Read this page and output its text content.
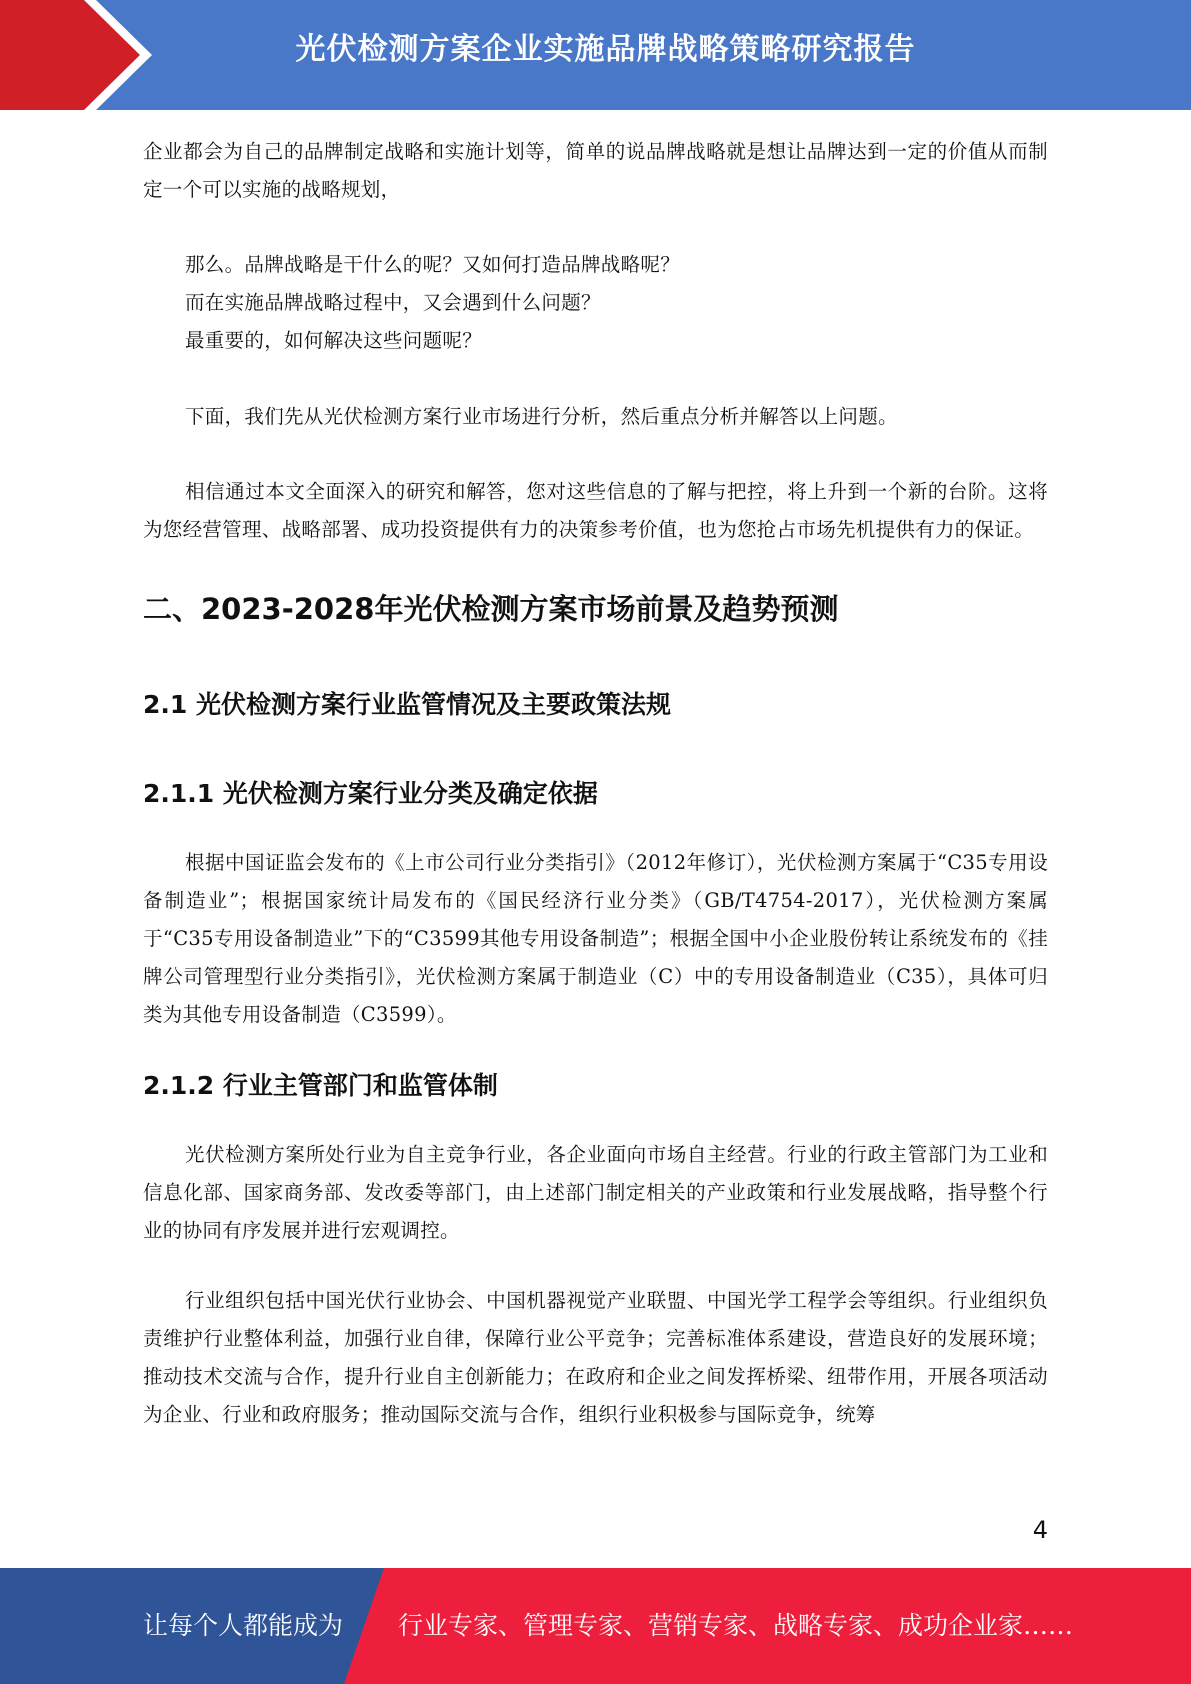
光伏检测方案企业实施品牌战略策略研究报告

企业都会为自己的品牌制定战略和实施计划等，简单的说品牌战略就是想让品牌达到一定的价值从而制定一个可以实施的战略规划，

那么。品牌战略是干什么的呢？又如何打造品牌战略呢？

而在实施品牌战略过程中，又会遇到什么问题？

最重要的，如何解决这些问题呢？

下面，我们先从光伏检测方案行业市场进行分析，然后重点分析并解答以上问题。

相信通过本文全面深入的研究和解答，您对这些信息的了解与把控，将上升到一个新的台阶。这将为您经营管理、战略部署、成功投资提供有力的决策参考价值，也为您抢占市场先机提供有力的保证。

二、2023-2028年光伏检测方案市场前景及趋势预测
2.1 光伏检测方案行业监管情况及主要政策法规
2.1.1 光伏检测方案行业分类及确定依据

根据中国证监会发布的《上市公司行业分类指引》（2012年修订），光伏检测方案属于“C35专用设备制造业”；根据国家统计局发布的《国民经济行业分类》（GB/T4754-2017），光伏检测方案属于“C35专用设备制造业”下的“C3599其他专用设备制造”；根据全国中小企业股份转让系统发布的《挂牌公司管理型行业分类指引》，光伏检测方案属于制造业（C）中的专用设备制造业（C35），具体可归类为其他专用设备制造（C3599）。

2.1.2 行业主管部门和监管体制

光伏检测方案所处行业为自主竞争行业，各企业面向市场自主经营。行业的行政主管部门为工业和信息化部、国家商务部、发改委等部门，由上述部门制定相关的产业政策和行业发展战略，指导整个行业的协同有序发展并进行宏观调控。

行业组织包括中国光伏行业协会、中国机器视觉产业联盟、中国光学工程学会等组织。行业组织负责维护行业整体利益，加强行业自律，保障行业公平竞争；完善标准体系建设，营造良好的发展环境；推动技术交流与合作，提升行业自主创新能力；在政府和企业之间发挥桥梁、纽带作用，开展各项活动为企业、行业和政府服务；推动国际交流与合作，组织行业积极参与国际竞争，统筹

4
让每个人都能成为 行业专家、管理专家、营销专家、战略专家、成功企业家……
